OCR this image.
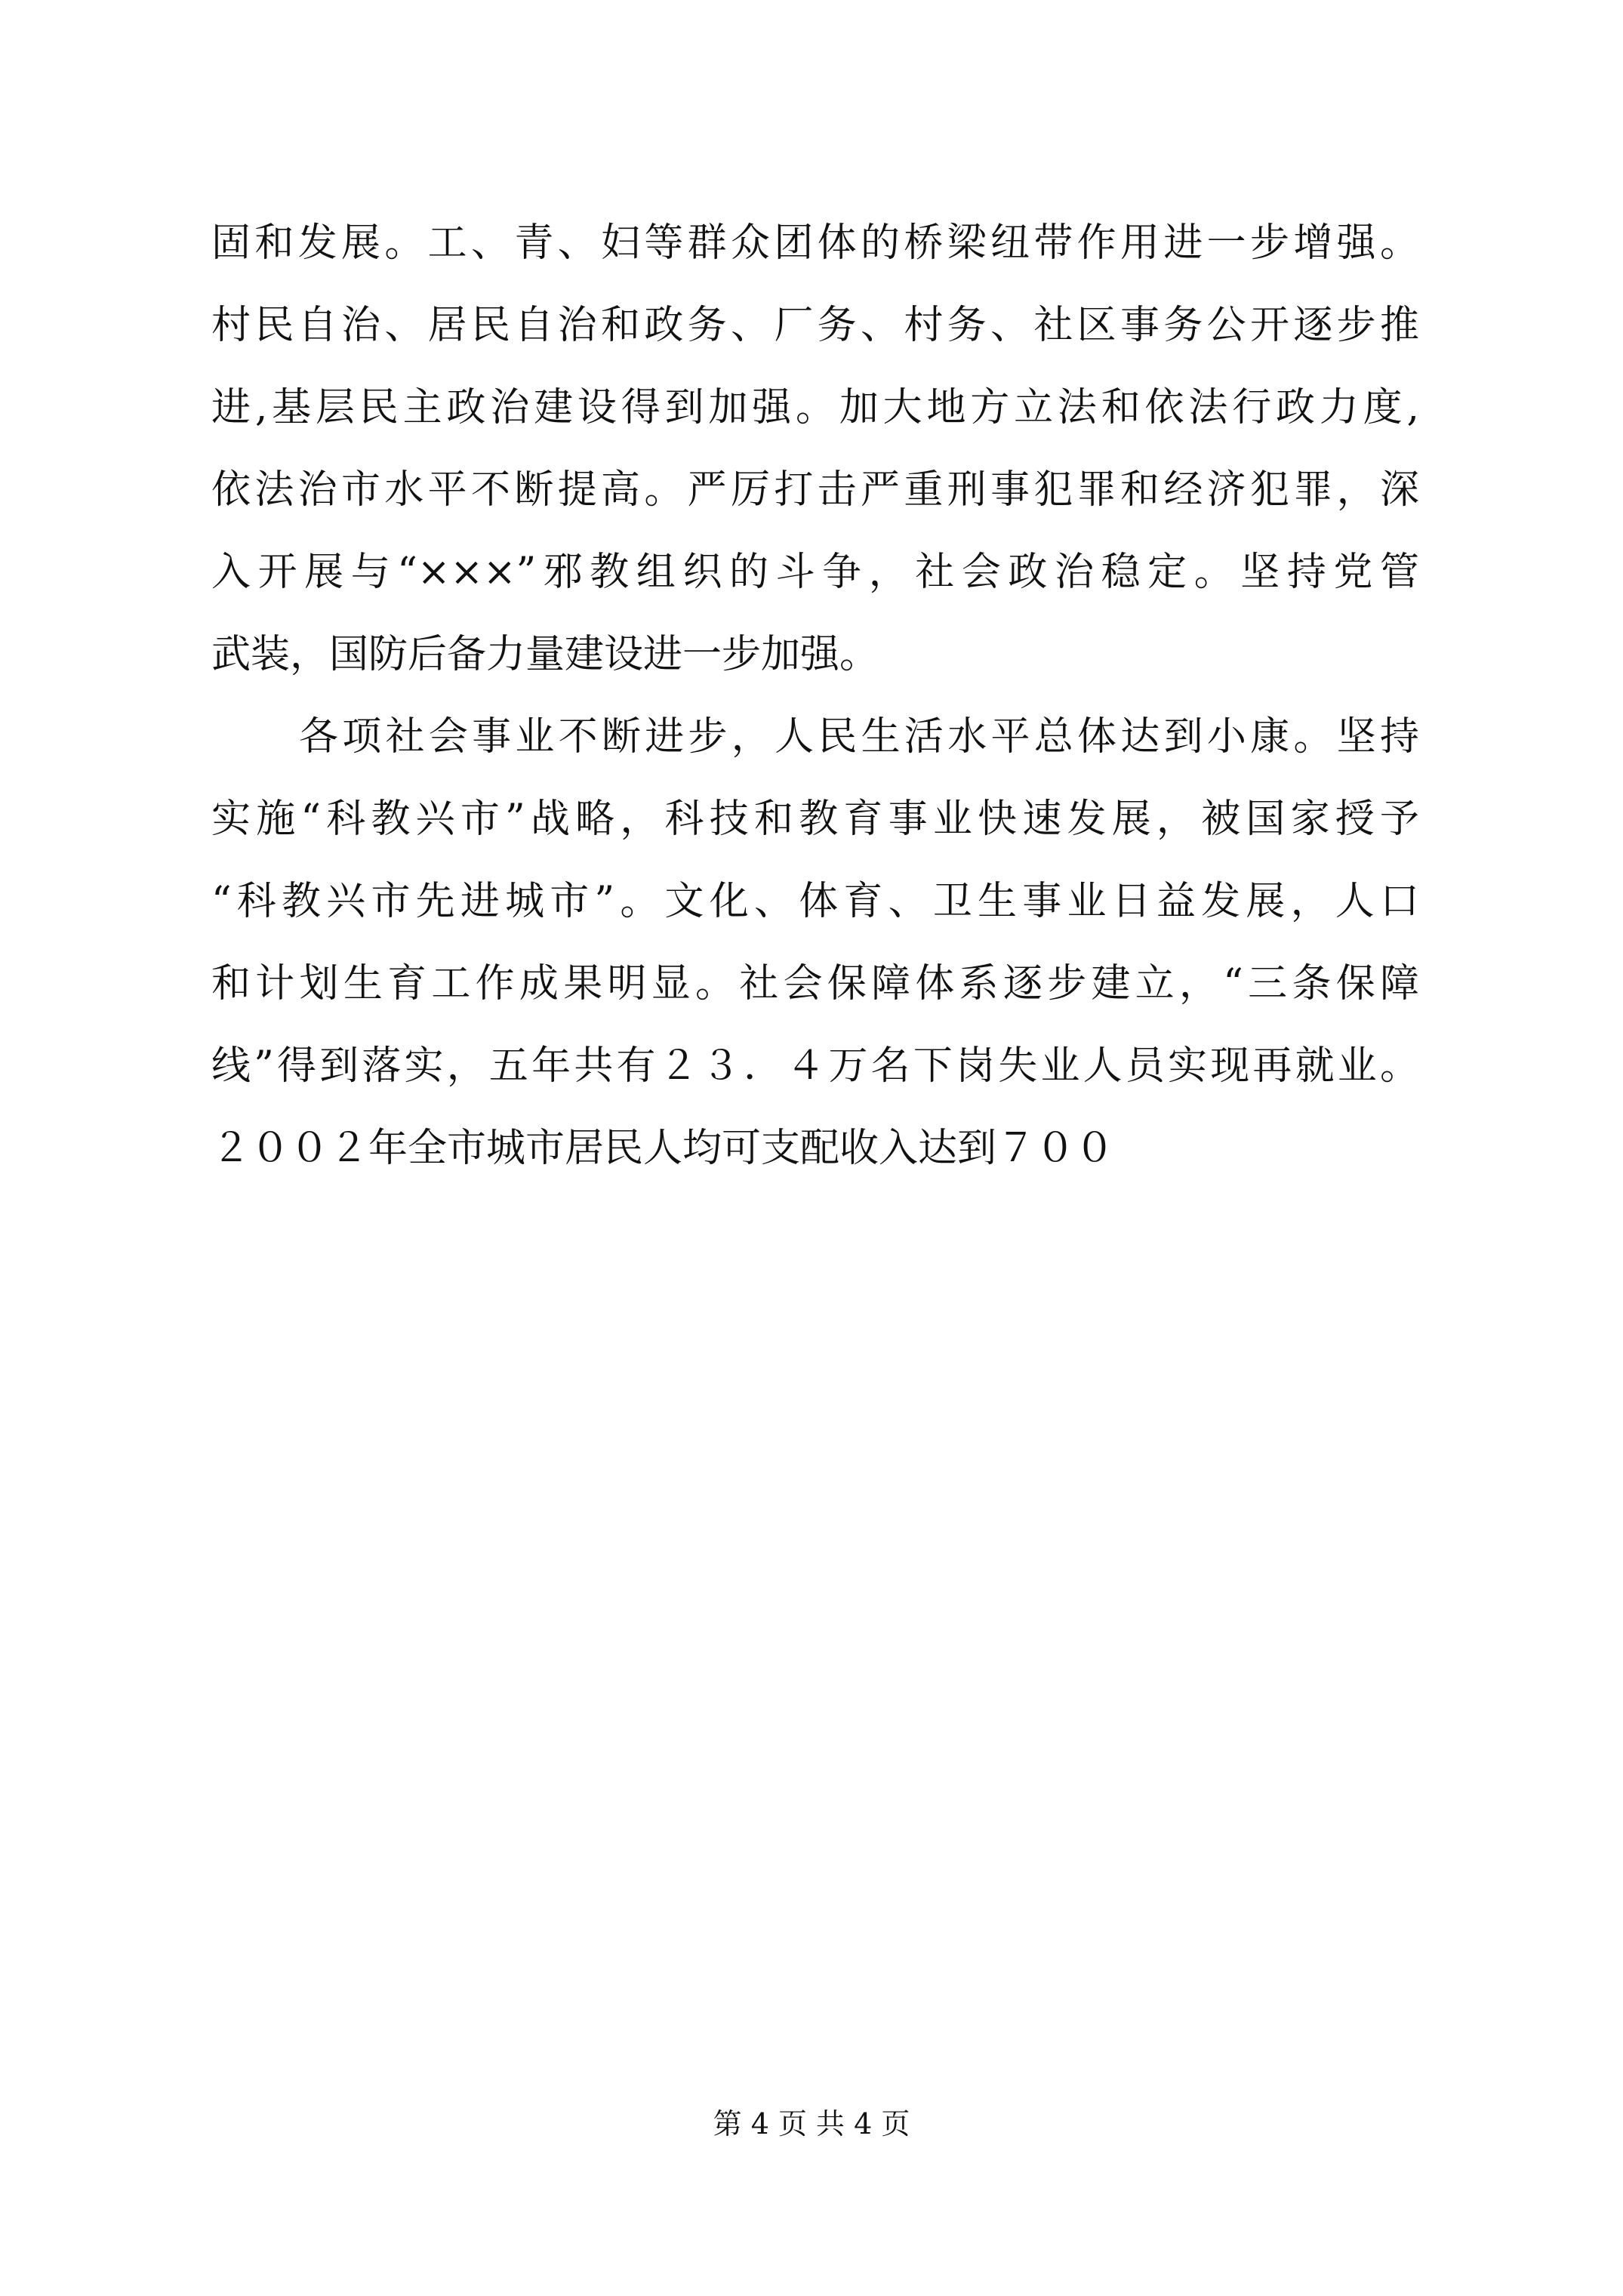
固和发展。工、青、妇等群众团体的桥梁纽带作用进一步增强。
村民自治、居民自治和政务、厂务、村务、社区事务公开逐步推
进,基层民主政治建设得到加强。加大地方立法和依法行政力度,
依法治市水平不断提高。严厉打击严重刑事犯罪和经济犯罪，深
入开展与“×××”邪教组织的斗争，社会政治稳定。坚持党管
武装，国防后备力量建设进一步加强。
各项社会事业不断进步，人民生活水平总体达到小康。坚持
实施“科教兴市”战略，科技和教育事业快速发展，被国家授予
“科教兴市先进城市”。文化、体育、卫生事业日益发展，人口
和计划生育工作成果明显。社会保障体系逐步建立，“三条保障
线”得到落实，五年共有２３．４万名下岗失业人员实现再就业。
２００２年全市城市居民人均可支配收入达到７００
第 4 页 共 4 页
